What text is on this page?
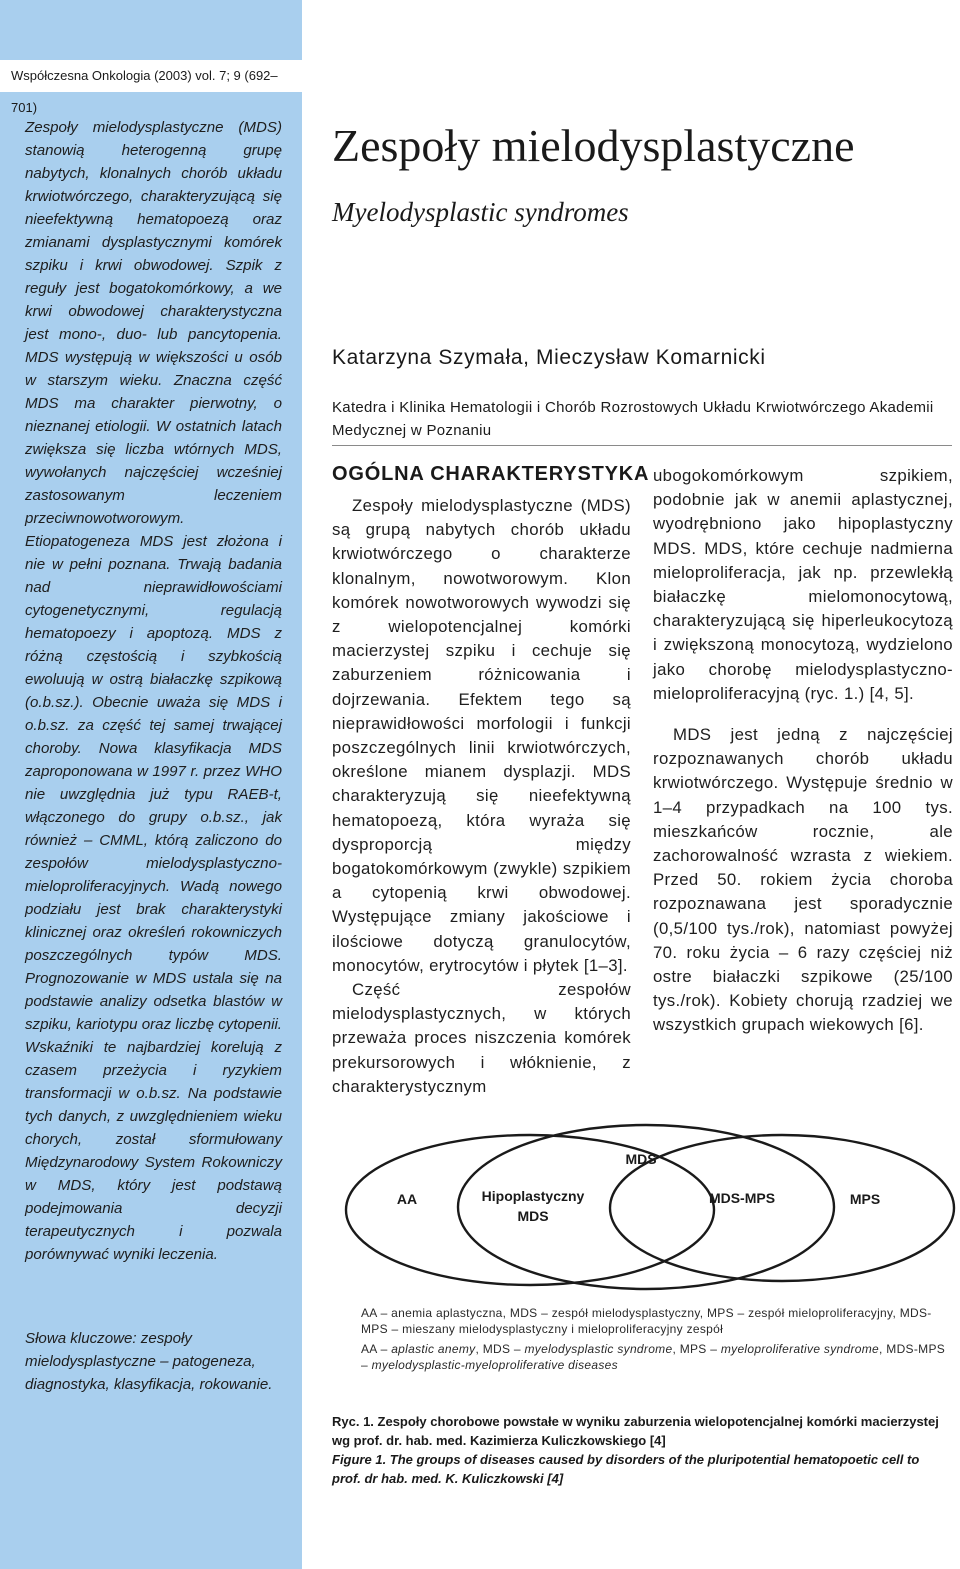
Współczesna Onkologia (2003) vol. 7; 9 (692–701)

Zespoły mielodysplastyczne (MDS) stanowią heterogenną grupę nabytych, klonalnych chorób układu krwiotwórczego, charakteryzującą się nieefektywną hematopoezą oraz zmianami dysplastycznymi komórek szpiku i krwi obwodowej. Szpik z reguły jest bogatokomórkowy, a we krwi obwodowej charakterystyczna jest mono-, duo- lub pancytopenia. MDS występują w większości u osób w starszym wieku. Znaczna część MDS ma charakter pierwotny, o nieznanej etiologii. W ostatnich latach zwiększa się liczba wtórnych MDS, wywołanych najczęściej wcześniej zastosowanym leczeniem przeciwnowotworowym. Etiopatogeneza MDS jest złożona i nie w pełni poznana. Trwają badania nad nieprawidłowościami cytogenetycznymi, regulacją hematopoezy i apoptozą. MDS z różną częstością i szybkością ewoluują w ostrą białaczkę szpikową (o.b.sz.). Obecnie uważa się MDS i o.b.sz. za część tej samej trwającej choroby. Nowa klasyfikacja MDS zaproponowana w 1997 r. przez WHO nie uwzględnia już typu RAEB-t, włączonego do grupy o.b.sz., jak również – CMML, którą zaliczono do zespołów mielodysplastyczno-mieloproliferacyjnych. Wadą nowego podziału jest brak charakterystyki klinicznej oraz określeń rokowniczych poszczególnych typów MDS. Prognozowanie w MDS ustala się na podstawie analizy odsetka blastów w szpiku, kariotypu oraz liczbę cytopenii. Wskaźniki te najbardziej korelują z czasem przeżycia i ryzykiem transformacji w o.b.sz. Na podstawie tych danych, z uwzględnieniem wieku chorych, został sformułowany Międzynarodowy System Rokowniczy w MDS, który jest podstawą podejmowania decyzji terapeutycznych i pozwala porównywać wyniki leczenia.

Słowa kluczowe: zespoły mielodysplastyczne – patogeneza, diagnostyka, klasyfikacja, rokowanie.

Zespoły mielodysplastyczne

Myelodysplastic syndromes

Katarzyna Szymała, Mieczysław Komarnicki

Katedra i Klinika Hematologii i Chorób Rozrostowych Układu Krwiotwórczego Akademii Medycznej w Poznaniu

OGÓLNA CHARAKTERYSTYKA

Zespoły mielodysplastyczne (MDS) są grupą nabytych chorób układu krwiotwórczego o charakterze klonalnym, nowotworowym. Klon komórek nowotworowych wywodzi się z wielopotencjalnej komórki macierzystej szpiku i cechuje się zaburzeniem różnicowania i dojrzewania. Efektem tego są nieprawidłowości morfologii i funkcji poszczególnych linii krwiotwórczych, określone mianem dysplazji. MDS charakteryzują się nieefektywną hematopoezą, która wyraża się dysproporcją między bogatokomórkowym (zwykle) szpikiem a cytopenią krwi obwodowej. Występujące zmiany jakościowe i ilościowe dotyczą granulocytów, monocytów, erytrocytów i płytek [1–3].

Część zespołów mielodysplastycznych, w których przeważa proces niszczenia komórek prekursorowych i włóknienie, z charakterystycznym

ubogokomórkowym szpikiem, podobnie jak w anemii aplastycznej, wyodrębniono jako hipoplastyczny MDS. MDS, które cechuje nadmierna mieloproliferacja, jak np. przewlekłą białaczkę mielomonocytową, charakteryzującą się hiperleukocytozą i zwiększoną monocytozą, wydzielono jako chorobę mielodysplastyczno-mieloproliferacyjną (ryc. 1.) [4, 5].

MDS jest jedną z najczęściej rozpoznawanych chorób układu krwiotwórczego. Występuje średnio w 1–4 przypadkach na 100 tys. mieszkańców rocznie, ale zachorowalność wzrasta z wiekiem. Przed 50. rokiem życia choroba rozpoznawana jest sporadycznie (0,5/100 tys./rok), natomiast powyżej 70. roku życia – 6 razy częściej niż ostre białaczki szpikowe (25/100 tys./rok). Kobiety chorują rzadziej we wszystkich grupach wiekowych [6].

MDS
AA	Hipoplastyczny
MDS
MDS-MPS	MPS

AA – anemia aplastyczna, MDS – zespół mielodysplastyczny, MPS – zespół mieloproliferacyjny, MDS-MPS – mieszany mielodysplastyczny i mieloproliferacyjny zespół

AA – aplastic anemy, MDS – myelodysplastic syndrome, MPS – myeloproliferative syndrome, MDS-MPS – myelodysplastic-myeloproliferative diseases

Ryc. 1. Zespoły chorobowe powstałe w wyniku zaburzenia wielopotencjalnej komórki macierzystej wg prof. dr. hab. med. Kazimierza Kuliczkowskiego [4]
Figure 1. The groups of diseases caused by disorders of the pluripotential hematopoetic cell to prof. dr hab. med. K. Kuliczkowski [4]
